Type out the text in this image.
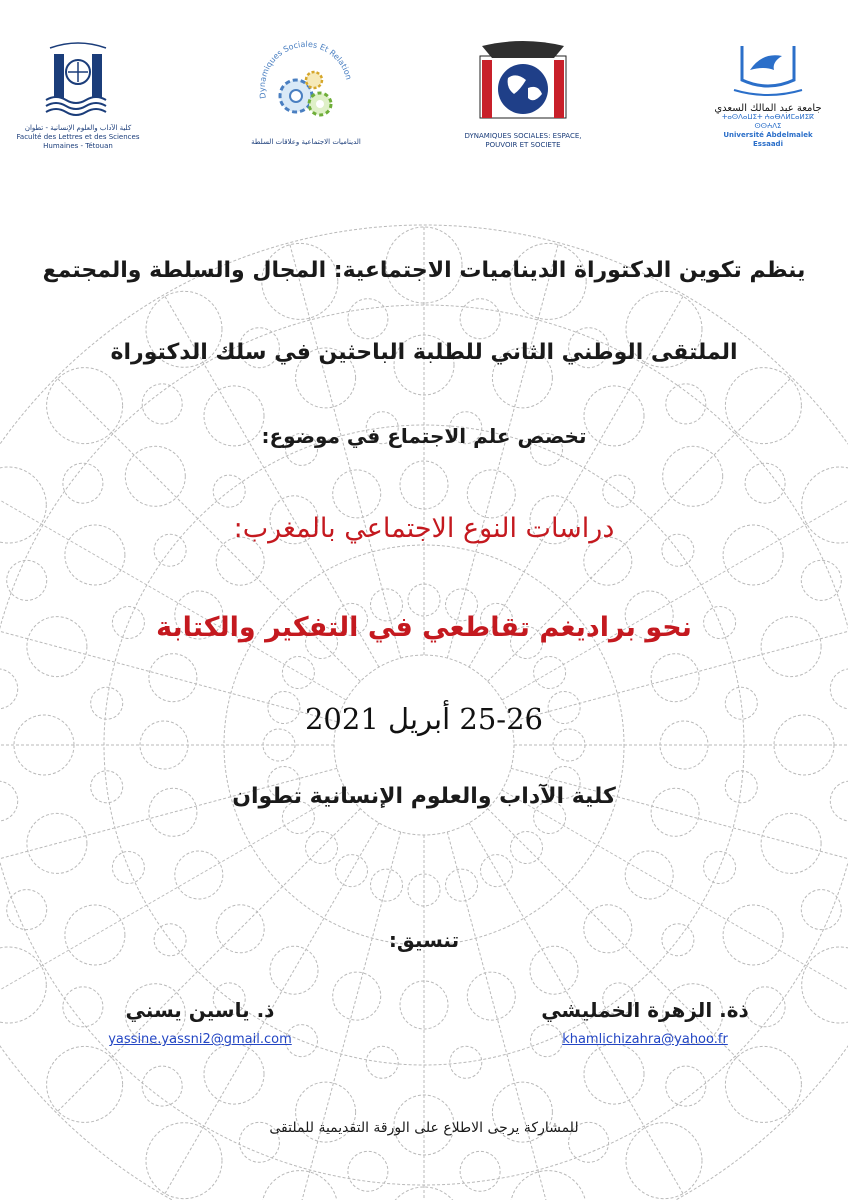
كلية الآداب والعلوم الإنسانية - تطوان
Faculté des Lettres et des Sciences Humaines - Tétouan
Dynamiques Sociales Et Relation
الديناميات الاجتماعية وعلاقات السلطة
DYNAMIQUES SOCIALES: ESPACE, POUVOIR ET SOCIETE
جامعة عبد المالك السعدي
ⵜⴰⵙⴷⴰⵡⵉⵜ ⵄⴰⴱⴷⵍⵎⴰⵍⵉⴽ ⵙⵙⵄⴷⵉ
Université Abdelmalek Essaadi
ينظم تكوين الدكتوراة الديناميات الاجتماعية: المجال والسلطة والمجتمع
الملتقى الوطني الثاني للطلبة الباحثين في سلك الدكتوراة
تخصص علم الاجتماع في موضوع:
دراسات النوع الاجتماعي بالمغرب:
نحو براديغم تقاطعي في التفكير والكتابة
25-26 أبريل 2021
كلية الآداب والعلوم الإنسانية تطوان
تنسيق:
ذة. الزهرة الخمليشي
khamlichizahra@yahoo.fr
ذ. ياسين يسني
yassine.yassni2@gmail.com
للمشاركة يرجى الاطلاع على الورقة التقديمية للملتقى
